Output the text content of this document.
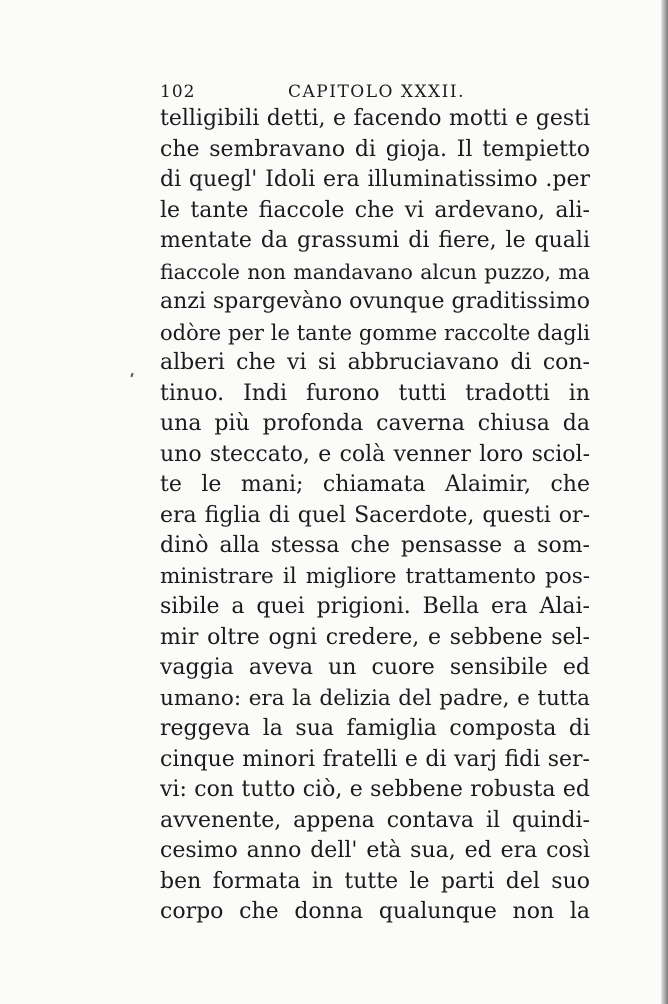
102	CAPITOLO XXXII.
telligibili detti, e facendo motti e gesti
che sembravano di gioja. Il tempietto
di quegl' Idoli era illuminatissimo .per
le tante fiaccole che vi ardevano, ali-
mentate da grassumi di fiere, le quali
fiaccole non mandavano alcun puzzo, ma
anzi spargevàno ovunque graditissimo
odòre per le tante gomme raccolte dagli
alberi che vi si abbruciavano di con-
tinuo. Indi furono tutti tradotti in
una più profonda caverna chiusa da
uno steccato, e colà venner loro sciol-
te le mani; chiamata Alaimir, che
era figlia di quel Sacerdote, questi or-
dinò alla stessa che pensasse a som-
ministrare il migliore trattamento pos-
sibile a quei prigioni. Bella era Alai-
mir oltre ogni credere, e sebbene sel-
vaggia aveva un cuore sensibile ed
umano: era la delizia del padre, e tutta
reggeva la sua famiglia composta di
cinque minori fratelli e di varj fidi ser-
vi: con tutto ciò, e sebbene robusta ed
avvenente, appena contava il quindi-
cesimo anno dell' età sua, ed era così
ben formata in tutte le parti del suo
corpo che donna qualunque non la
